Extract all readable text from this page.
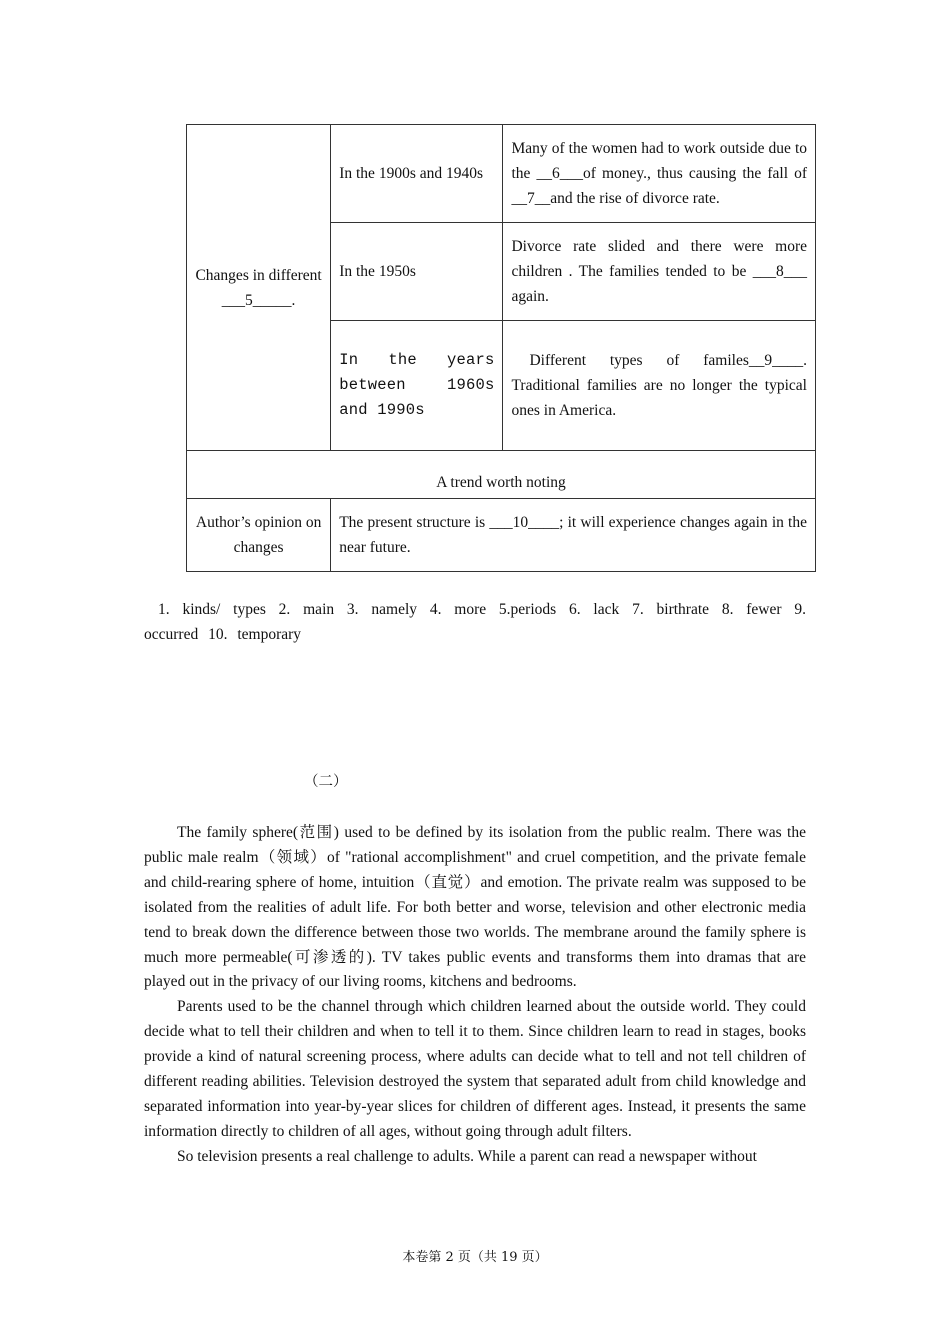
Changes in different ___5_____.	In the 1900s and 1940s	Many of the women had to work outside due to the __6___of money., thus causing the fall of __7__and the rise of divorce rate.
	In the 1950s	Divorce rate slided and there were more children . The families tended to be ___8___ again.
	In the years between 1960s and 1990s	Different types of familes__9____. Traditional families are no longer the typical ones in America.
A trend worth noting		
Author’s opinion on changes	The present structure is ___10____; it will experience changes again in the near future.	
1. kinds/ types 2. main 3. namely 4. more 5.periods 6. lack 7. birthrate 8. fewer 9. occurred 10. temporary
（二）

The family sphere(范围) used to be defined by its isolation from the public realm. There was the public male realm（领域）of "rational accomplishment" and cruel competition, and the private female and child-rearing sphere of home, intuition（直觉）and emotion. The private realm was supposed to be isolated from the realities of adult life. For both better and worse, television and other electronic media tend to break down the difference between those two worlds. The membrane around the family sphere is much more permeable(可渗透的). TV takes public events and transforms them into dramas that are played out in the privacy of our living rooms, kitchens and bedrooms.

Parents used to be the channel through which children learned about the outside world. They could decide what to tell their children and when to tell it to them. Since children learn to read in stages, books provide a kind of natural screening process, where adults can decide what to tell and not tell children of different reading abilities. Television destroyed the system that separated adult from child knowledge and separated information into year-by-year slices for children of different ages. Instead, it presents the same information directly to children of all ages, without going through adult filters.

So television presents a real challenge to adults. While a parent can read a newspaper without

本卷第 2 页（共 19 页）
